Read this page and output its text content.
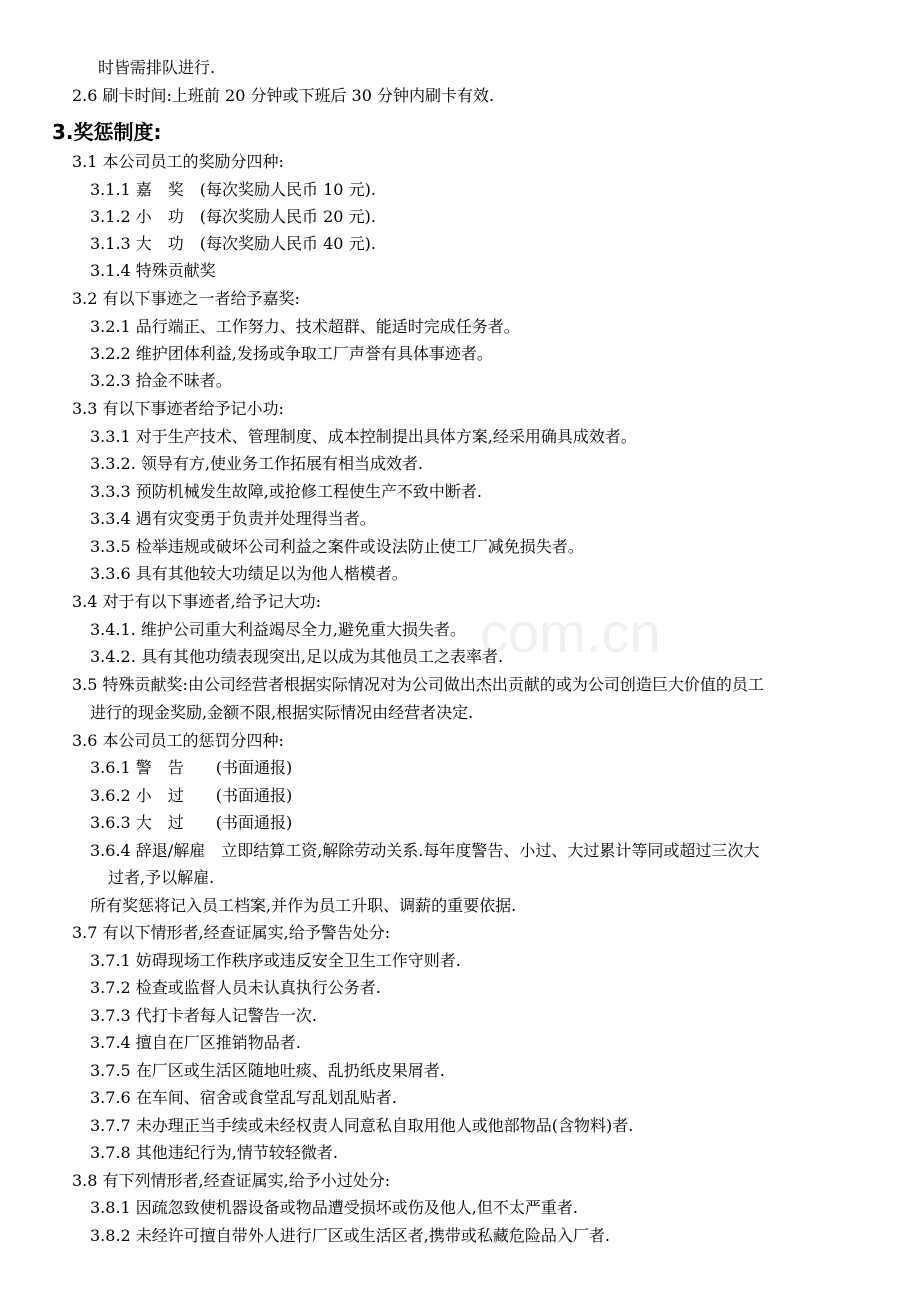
com.cn
时皆需排队进行.
2.6 刷卡时间:上班前 20 分钟或下班后 30 分钟内刷卡有效.
3.奖惩制度:
3.1 本公司员工的奖励分四种:
3.1.1 嘉　奖　(每次奖励人民币 10 元).
3.1.2 小　功　(每次奖励人民币 20 元).
3.1.3 大　功　(每次奖励人民币 40 元).
3.1.4 特殊贡献奖
3.2 有以下事迹之一者给予嘉奖:
3.2.1 品行端正、工作努力、技术超群、能适时完成任务者。
3.2.2 维护团体利益,发扬或争取工厂声誉有具体事迹者。
3.2.3 拾金不昧者。
3.3 有以下事迹者给予记小功:
3.3.1 对于生产技术、管理制度、成本控制提出具体方案,经采用确具成效者。
3.3.2. 领导有方,使业务工作拓展有相当成效者.
3.3.3 预防机械发生故障,或抢修工程使生产不致中断者.
3.3.4 遇有灾变勇于负责并处理得当者。
3.3.5 检举违规或破坏公司利益之案件或设法防止使工厂减免损失者。
3.3.6 具有其他较大功绩足以为他人楷模者。
3.4 对于有以下事迹者,给予记大功:
3.4.1. 维护公司重大利益竭尽全力,避免重大损失者。
3.4.2. 具有其他功绩表现突出,足以成为其他员工之表率者.
3.5 特殊贡献奖:由公司经营者根据实际情况对为公司做出杰出贡献的或为公司创造巨大价值的员工
进行的现金奖励,金额不限,根据实际情况由经营者决定.
3.6 本公司员工的惩罚分四种:
3.6.1 警　告　　(书面通报)
3.6.2 小　过　　(书面通报)
3.6.3 大　过　　(书面通报)
3.6.4 辞退/解雇　立即结算工资,解除劳动关系.每年度警告、小过、大过累计等同或超过三次大
过者,予以解雇.
所有奖惩将记入员工档案,并作为员工升职、调薪的重要依据.
3.7 有以下情形者,经查证属实,给予警告处分:
3.7.1 妨碍现场工作秩序或违反安全卫生工作守则者.
3.7.2 检查或监督人员未认真执行公务者.
3.7.3 代打卡者每人记警告一次.
3.7.4 擅自在厂区推销物品者.
3.7.5 在厂区或生活区随地吐痰、乱扔纸皮果屑者.
3.7.6 在车间、宿舍或食堂乱写乱划乱贴者.
3.7.7 未办理正当手续或未经权责人同意私自取用他人或他部物品(含物料)者.
3.7.8 其他违纪行为,情节较轻微者.
3.8 有下列情形者,经查证属实,给予小过处分:
3.8.1 因疏忽致使机器设备或物品遭受损坏或伤及他人,但不太严重者.
3.8.2 未经许可擅自带外人进行厂区或生活区者,携带或私藏危险品入厂者.
